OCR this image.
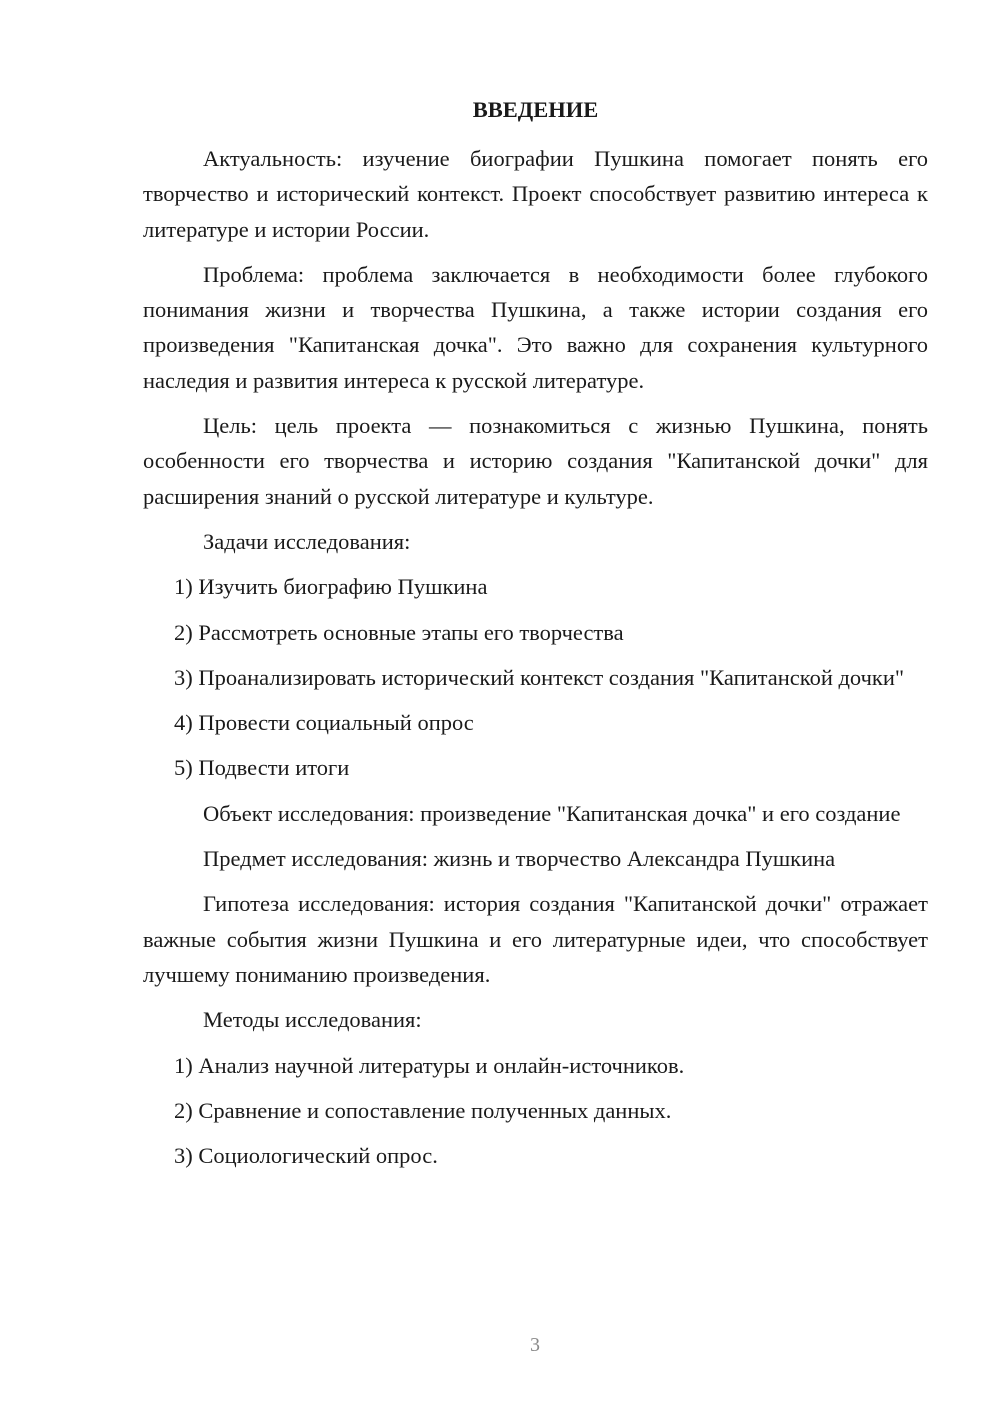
ВВЕДЕНИЕ

Актуальность: изучение биографии Пушкина помогает понять его творчество и исторический контекст. Проект способствует развитию интереса к литературе и истории России.

Проблема: проблема заключается в необходимости более глубокого понимания жизни и творчества Пушкина, а также истории создания его произведения "Капитанская дочка". Это важно для сохранения культурного наследия и развития интереса к русской литературе.

Цель: цель проекта — познакомиться с жизнью Пушкина, понять особенности его творчества и историю создания "Капитанской дочки" для расширения знаний о русской литературе и культуре.

Задачи исследования:

1) Изучить биографию Пушкина

2) Рассмотреть основные этапы его творчества

3) Проанализировать исторический контекст создания "Капитанской дочки"

4) Провести социальный опрос

5) Подвести итоги

Объект исследования: произведение "Капитанская дочка" и его создание

Предмет исследования: жизнь и творчество Александра Пушкина

Гипотеза исследования: история создания "Капитанской дочки" отражает важные события жизни Пушкина и его литературные идеи, что способствует лучшему пониманию произведения.

Методы исследования:

1) Анализ научной литературы и онлайн-источников.

2) Сравнение и сопоставление полученных данных.

3) Социологический опрос.

3
